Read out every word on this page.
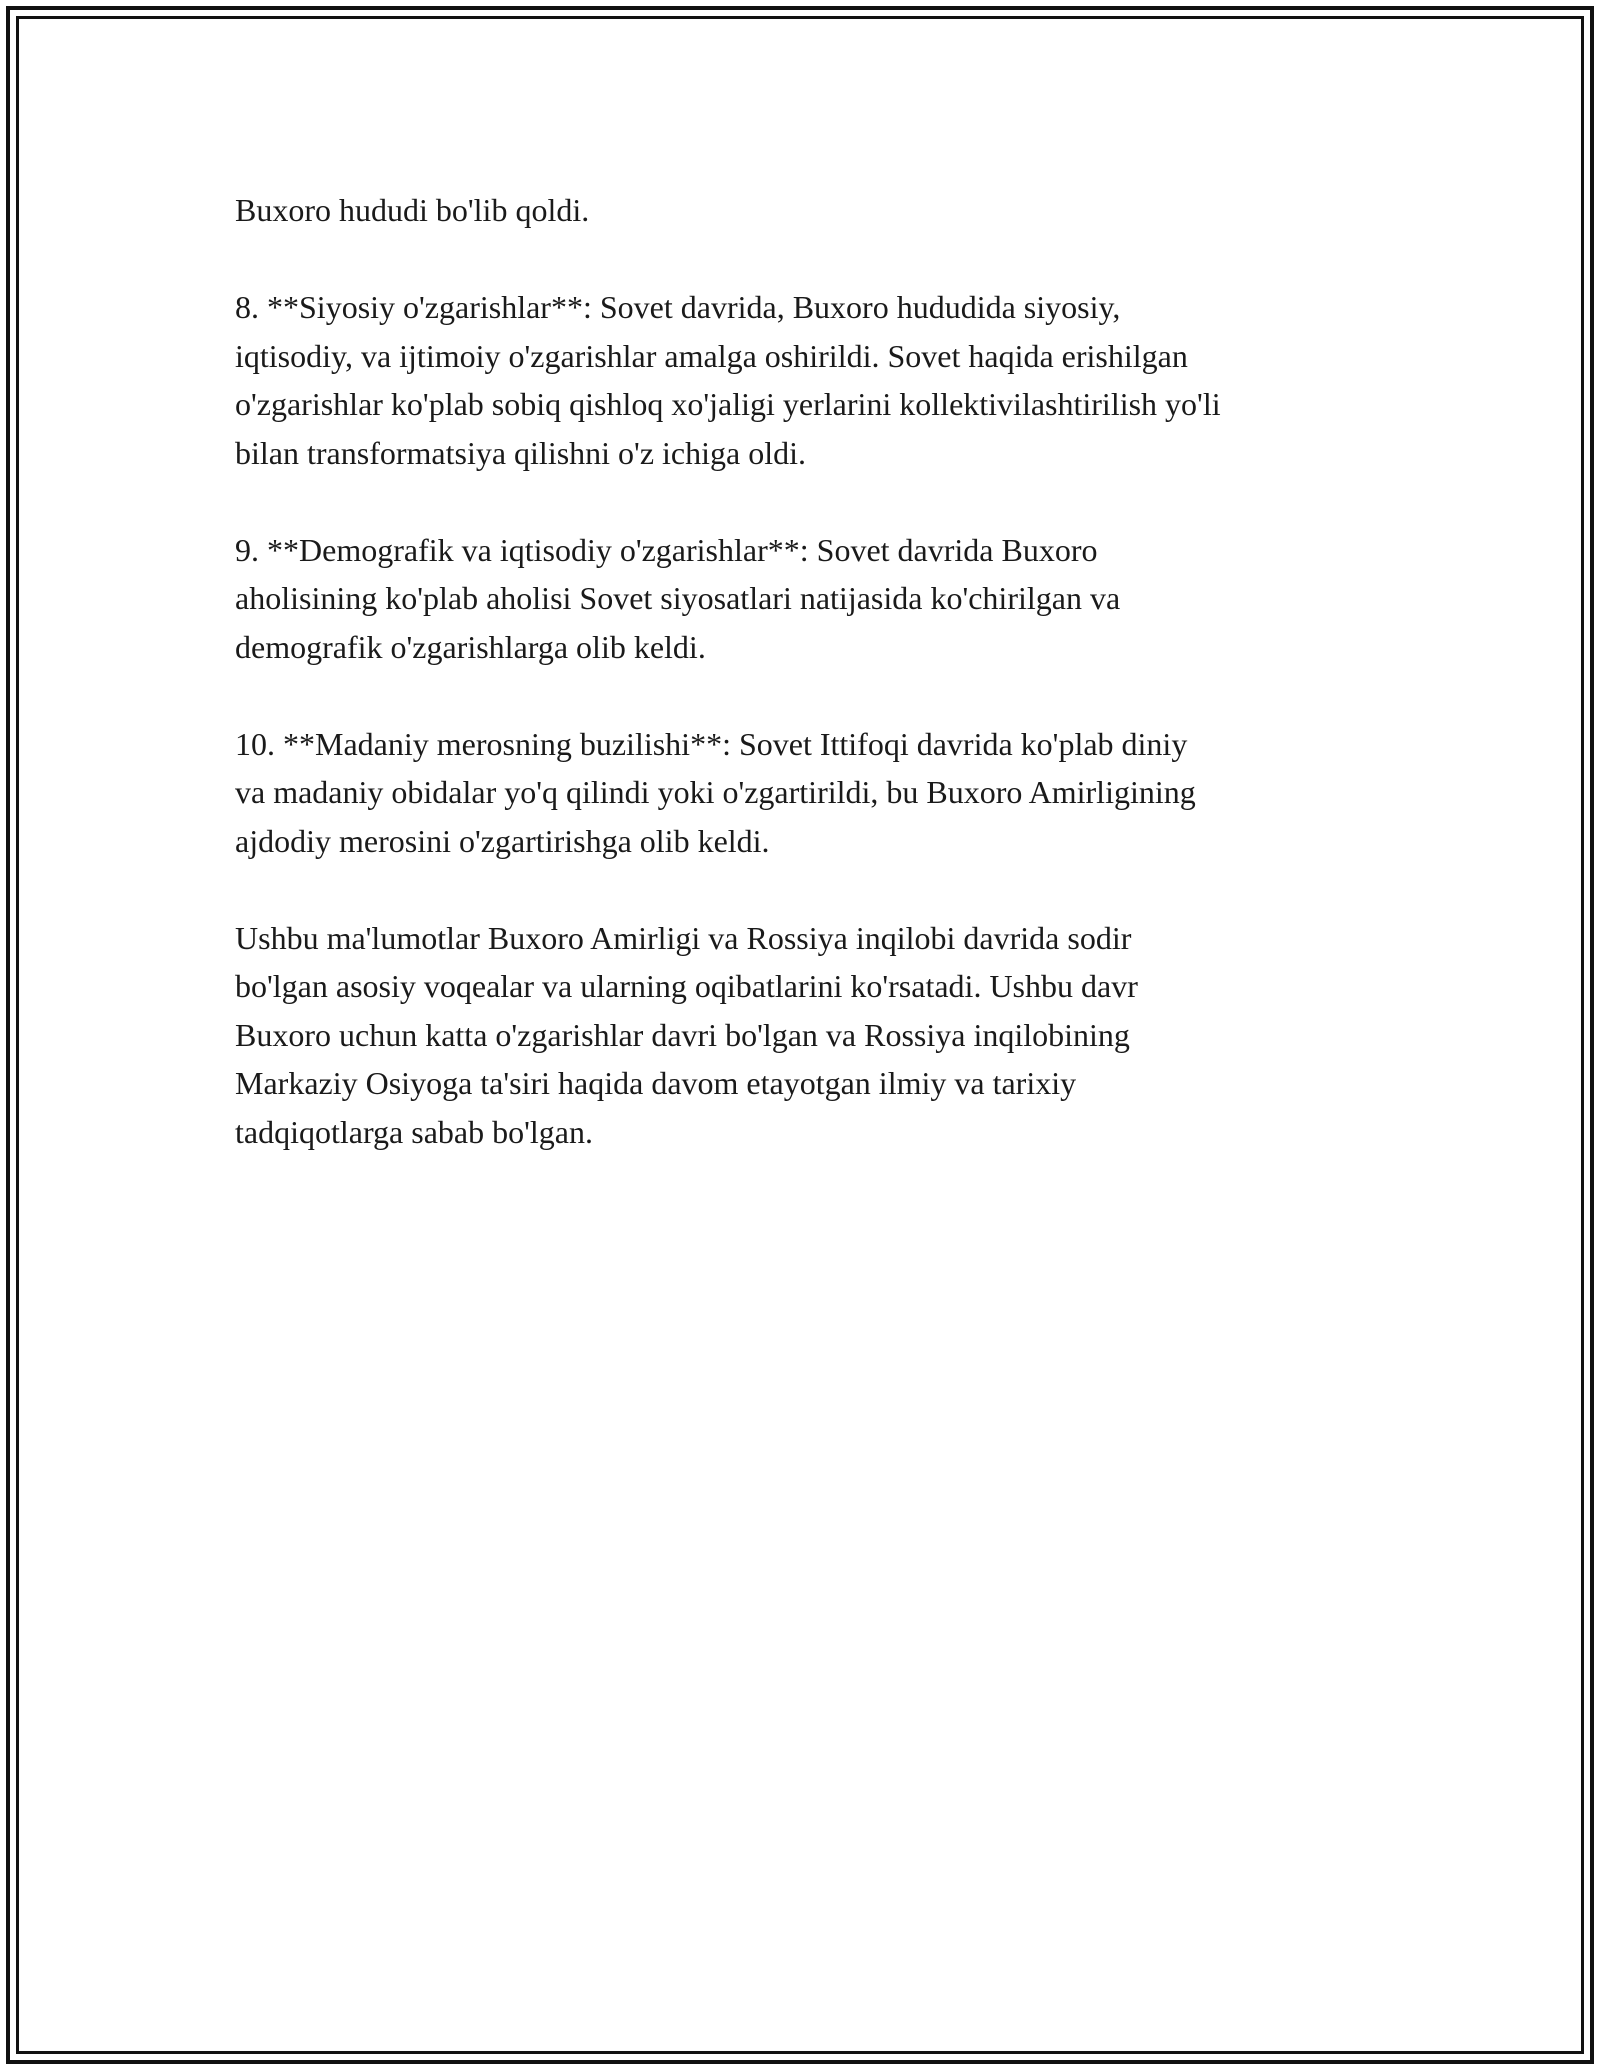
Buxoro hududi bo'lib qoldi.

8. **Siyosiy o'zgarishlar**: Sovet davrida, Buxoro hududida siyosiy,
iqtisodiy, va ijtimoiy o'zgarishlar amalga oshirildi. Sovet haqida erishilgan
o'zgarishlar ko'plab sobiq qishloq xo'jaligi yerlarini kollektivilashtirilish yo'li
bilan transformatsiya qilishni o'z ichiga oldi.

9. **Demografik va iqtisodiy o'zgarishlar**: Sovet davrida Buxoro
aholisining ko'plab aholisi Sovet siyosatlari natijasida ko'chirilgan va
demografik o'zgarishlarga olib keldi.

10. **Madaniy merosning buzilishi**: Sovet Ittifoqi davrida ko'plab diniy
va madaniy obidalar yo'q qilindi yoki o'zgartirildi, bu Buxoro Amirligining
ajdodiy merosini o'zgartirishga olib keldi.

Ushbu ma'lumotlar Buxoro Amirligi va Rossiya inqilobi davrida sodir
bo'lgan asosiy voqealar va ularning oqibatlarini ko'rsatadi. Ushbu davr
Buxoro uchun katta o'zgarishlar davri bo'lgan va Rossiya inqilobining
Markaziy Osiyoga ta'siri haqida davom etayotgan ilmiy va tarixiy
tadqiqotlarga sabab bo'lgan.
